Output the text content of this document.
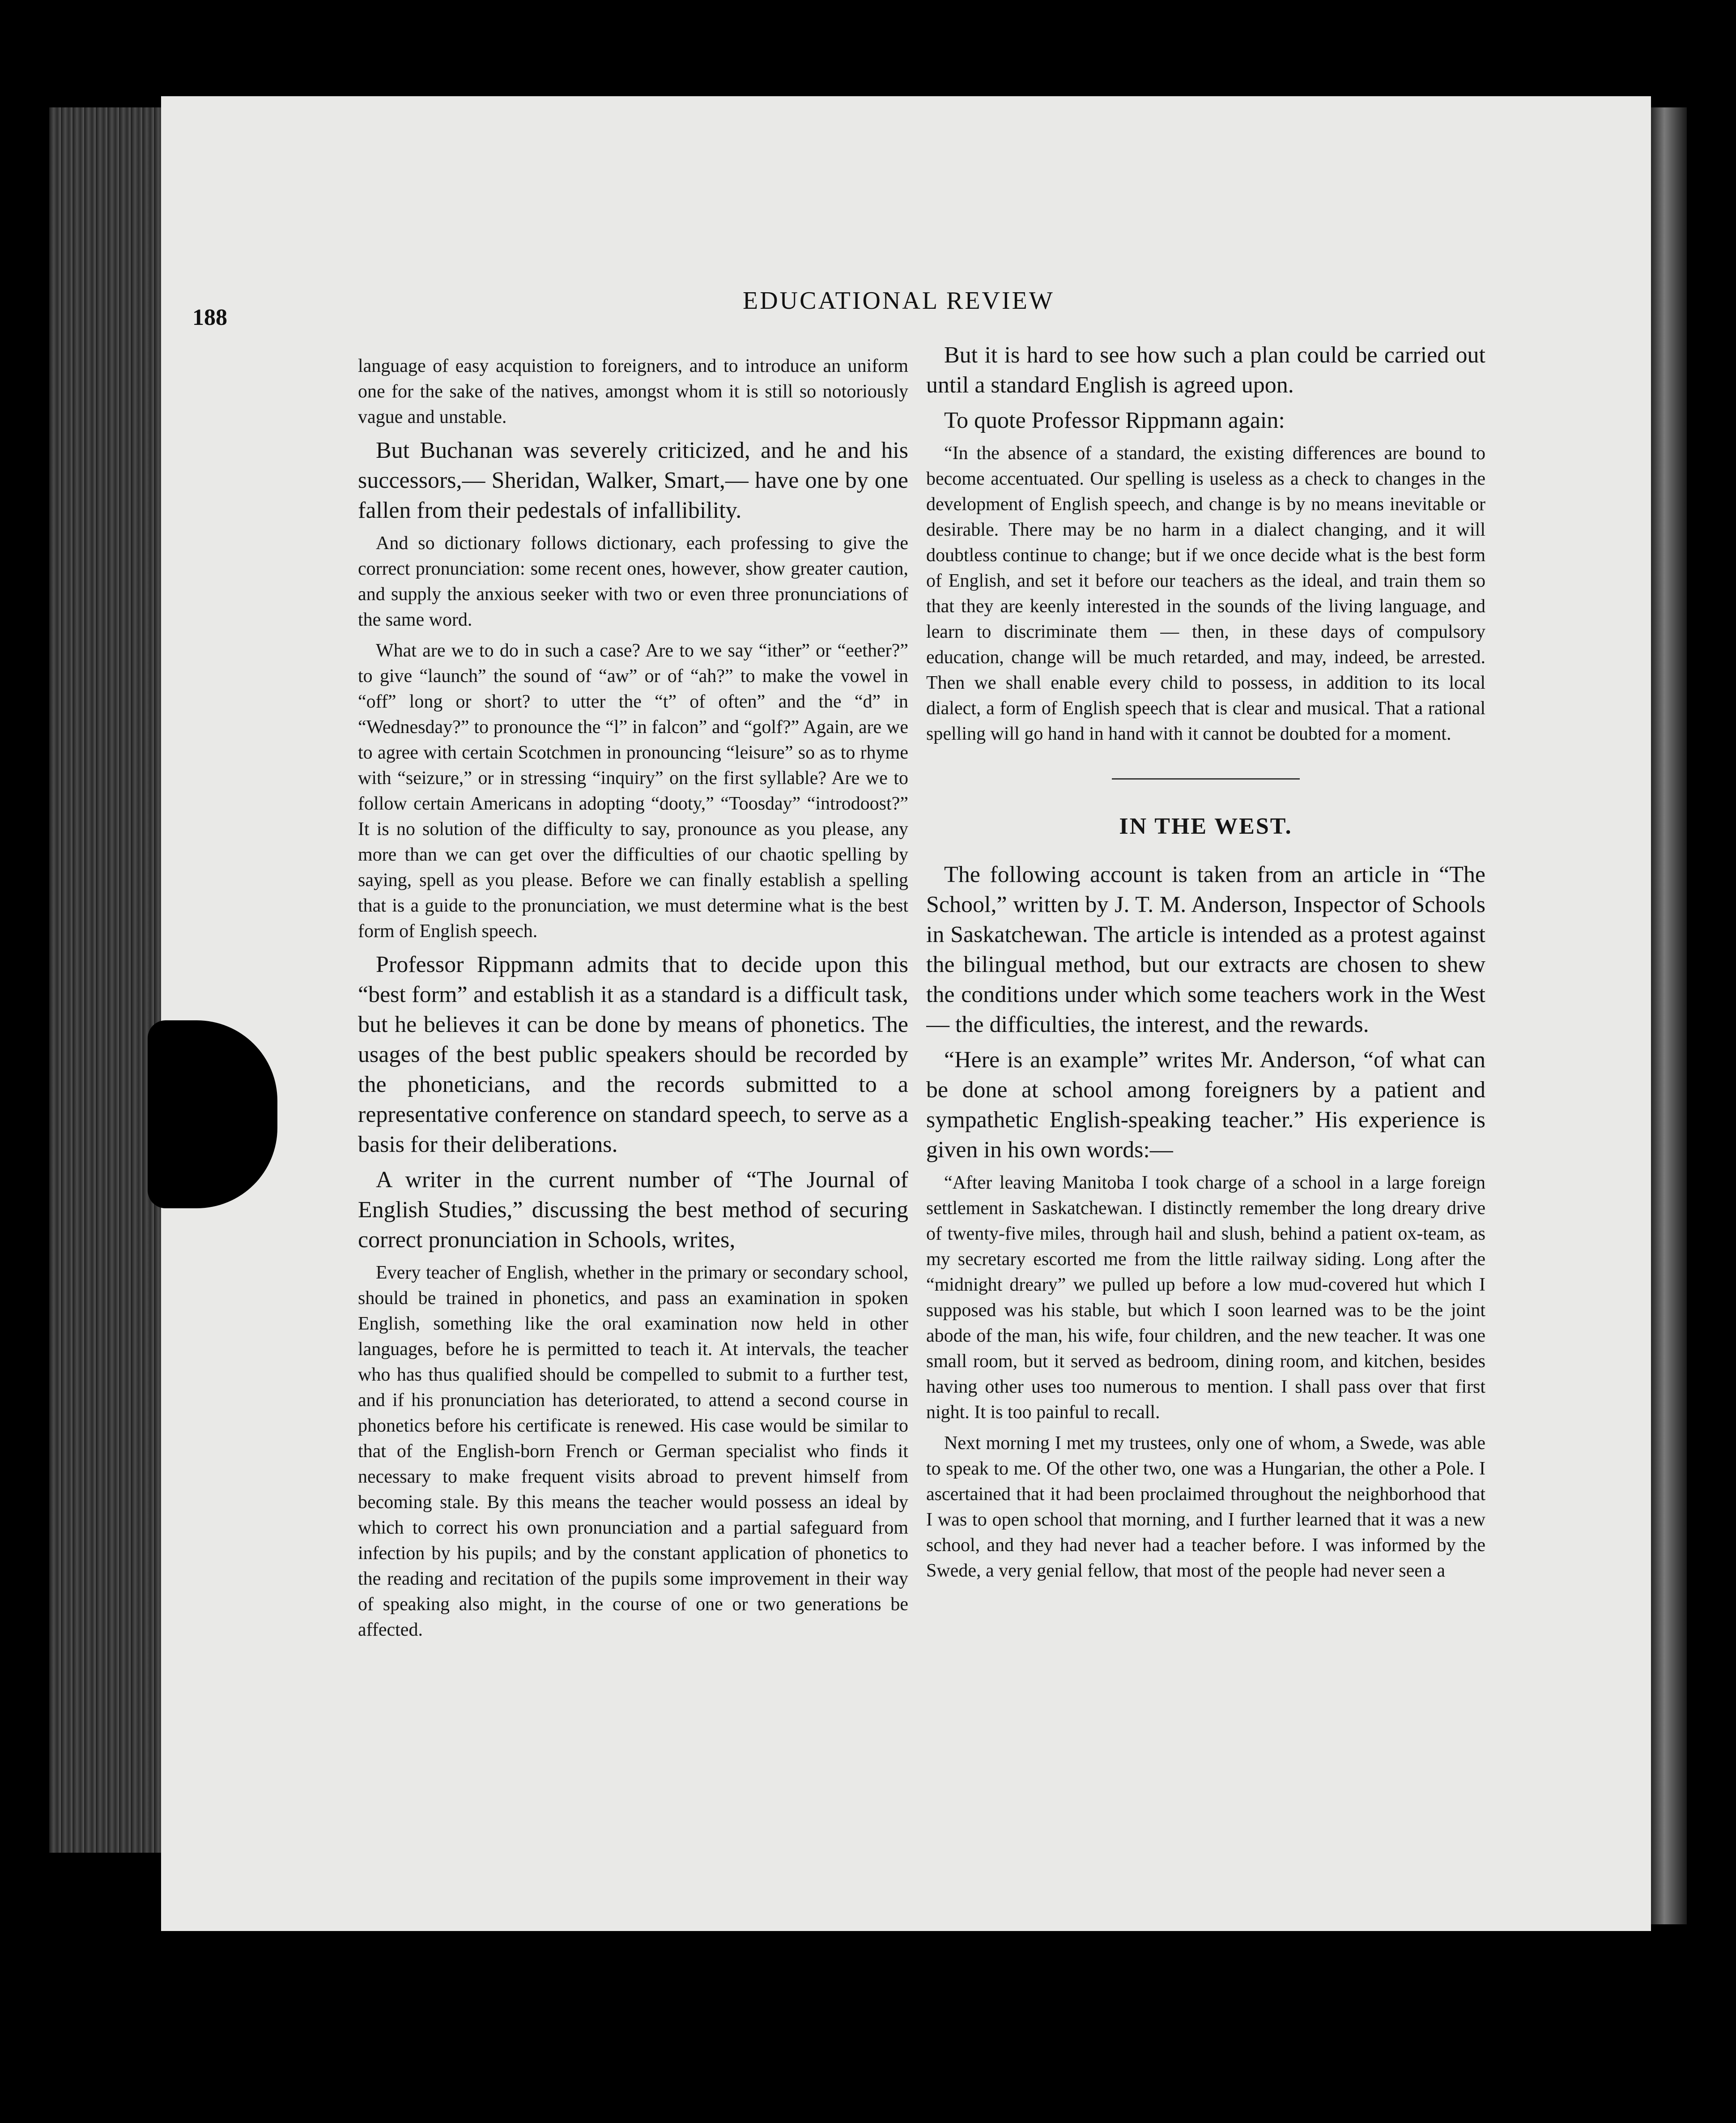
188
EDUCATIONAL REVIEW

language of easy acquistion to foreigners, and to introduce an uniform one for the sake of the natives, amongst whom it is still so notoriously vague and unstable.

But Buchanan was severely criticized, and he and his successors,— Sheridan, Walker, Smart,— have one by one fallen from their pedestals of infallibility.

And so dictionary follows dictionary, each professing to give the correct pronunciation: some recent ones, however, show greater caution, and supply the anxious seeker with two or even three pronunciations of the same word.

What are we to do in such a case? Are to we say “ither” or “eether?” to give “launch” the sound of “aw” or of “ah?” to make the vowel in “off” long or short? to utter the “t” of often” and the “d” in “Wednesday?” to pronounce the “l” in falcon” and “golf?” Again, are we to agree with certain Scotchmen in pronouncing “leisure” so as to rhyme with “seizure,” or in stressing “inquiry” on the first syllable? Are we to follow certain Americans in adopting “dooty,” “Toosday” “introdoost?” It is no solution of the difficulty to say, pronounce as you please, any more than we can get over the difficulties of our chaotic spelling by saying, spell as you please. Before we can finally establish a spelling that is a guide to the pronunciation, we must determine what is the best form of English speech.

Professor Rippmann admits that to decide upon this “best form” and establish it as a standard is a difficult task, but he believes it can be done by means of phonetics. The usages of the best public speakers should be recorded by the phoneticians, and the records submitted to a representative conference on standard speech, to serve as a basis for their deliberations.

A writer in the current number of “The Journal of English Studies,” discussing the best method of securing correct pronunciation in Schools, writes,

Every teacher of English, whether in the primary or secondary school, should be trained in phonetics, and pass an examination in spoken English, something like the oral examination now held in other languages, before he is permitted to teach it. At intervals, the teacher who has thus qualified should be compelled to submit to a further test, and if his pronunciation has deteriorated, to attend a second course in phonetics before his certificate is renewed. His case would be similar to that of the English-born French or German specialist who finds it necessary to make frequent visits abroad to prevent himself from becoming stale. By this means the teacher would possess an ideal by which to correct his own pronunciation and a partial safeguard from infection by his pupils; and by the constant application of phonetics to the reading and recitation of the pupils some improvement in their way of speaking also might, in the course of one or two generations be affected.

But it is hard to see how such a plan could be carried out until a standard English is agreed upon.

To quote Professor Rippmann again:

“In the absence of a standard, the existing differences are bound to become accentuated. Our spelling is useless as a check to changes in the development of English speech, and change is by no means inevitable or desirable. There may be no harm in a dialect changing, and it will doubtless continue to change; but if we once decide what is the best form of English, and set it before our teachers as the ideal, and train them so that they are keenly interested in the sounds of the living language, and learn to discriminate them — then, in these days of compulsory education, change will be much retarded, and may, indeed, be arrested. Then we shall enable every child to possess, in addition to its local dialect, a form of English speech that is clear and musical. That a rational spelling will go hand in hand with it cannot be doubted for a moment.

IN THE WEST.

The following account is taken from an article in “The School,” written by J. T. M. Anderson, Inspector of Schools in Saskatchewan. The article is intended as a protest against the bilingual method, but our extracts are chosen to shew the conditions under which some teachers work in the West — the difficulties, the interest, and the rewards.

“Here is an example” writes Mr. Anderson, “of what can be done at school among foreigners by a patient and sympathetic English-speaking teacher.” His experience is given in his own words:—

“After leaving Manitoba I took charge of a school in a large foreign settlement in Saskatchewan. I distinctly remember the long dreary drive of twenty-five miles, through hail and slush, behind a patient ox-team, as my secretary escorted me from the little railway siding. Long after the “midnight dreary” we pulled up before a low mud-covered hut which I supposed was his stable, but which I soon learned was to be the joint abode of the man, his wife, four children, and the new teacher. It was one small room, but it served as bedroom, dining room, and kitchen, besides having other uses too numerous to mention. I shall pass over that first night. It is too painful to recall.

Next morning I met my trustees, only one of whom, a Swede, was able to speak to me. Of the other two, one was a Hungarian, the other a Pole. I ascertained that it had been proclaimed throughout the neighborhood that I was to open school that morning, and I further learned that it was a new school, and they had never had a teacher before. I was informed by the Swede, a very genial fellow, that most of the people had never seen a
